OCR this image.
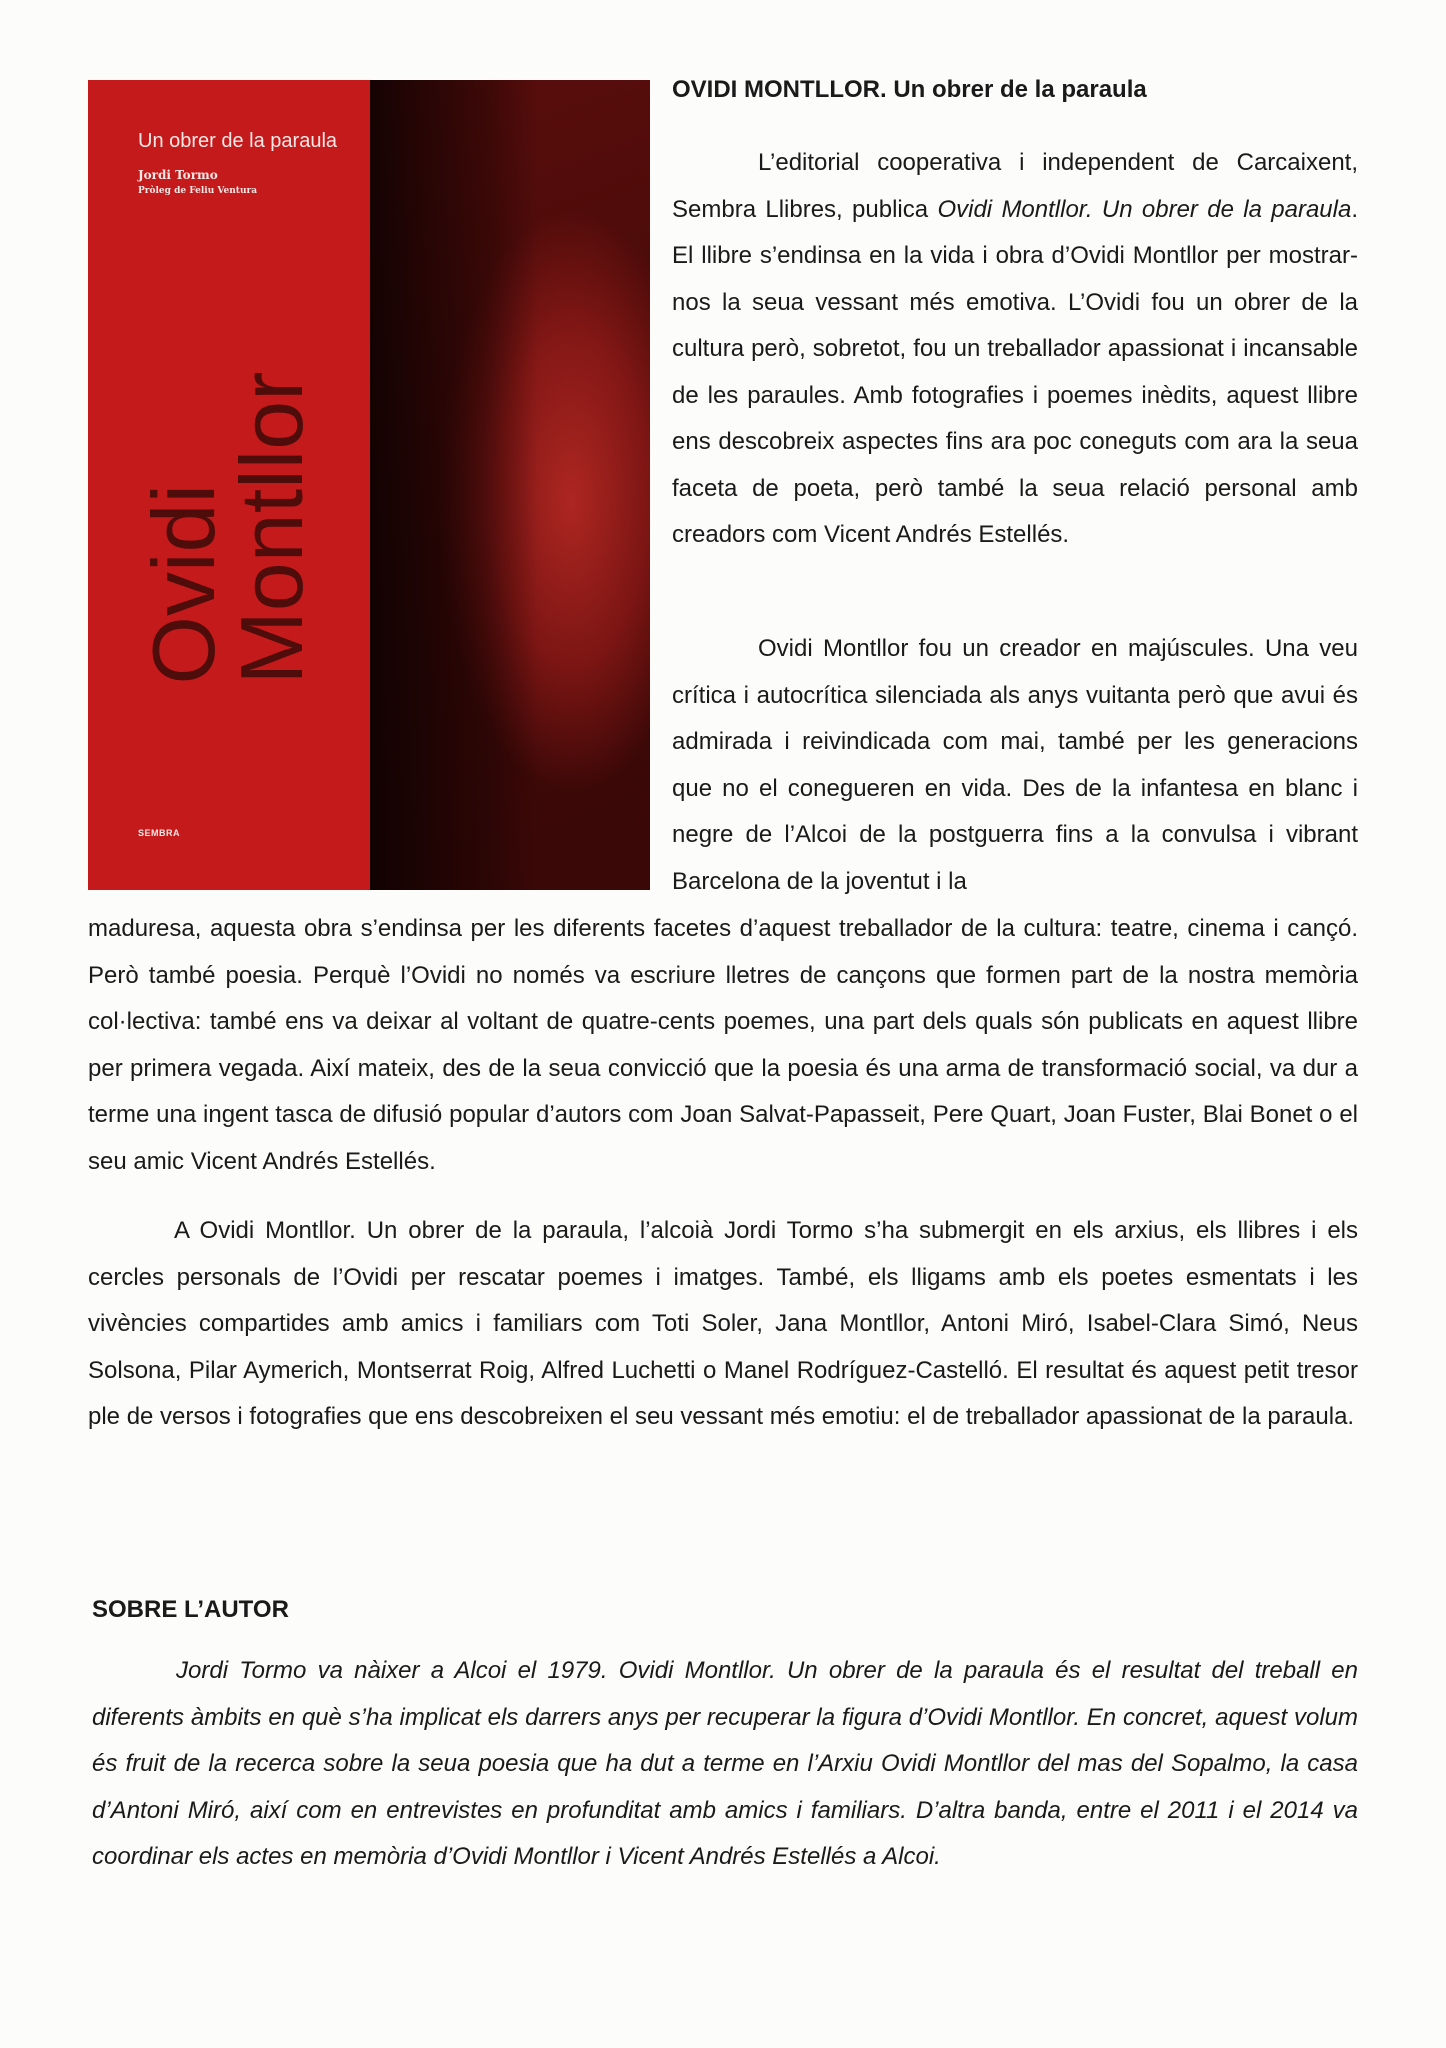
Un obrer de la paraula
Jordi Tormo
Pròleg de Feliu Ventura
Ovidi
Montllor
SEMBRA
OVIDI MONTLLOR. Un obrer de la paraula

L’editorial cooperativa i independent de Carcaixent, Sembra Llibres, publica Ovidi Montllor. Un obrer de la paraula. El llibre s’endinsa en la vida i obra d’Ovidi Montllor per mostrar-nos la seua vessant més emotiva. L’Ovidi fou un obrer de la cultura però, sobretot, fou un treballador apassionat i incansable de les paraules. Amb fotografies i poemes inèdits, aquest llibre ens descobreix aspectes fins ara poc coneguts com ara la seua faceta de poeta, però també la seua relació personal amb creadors com Vicent Andrés Estellés.

Ovidi Montllor fou un creador en majúscules. Una veu crítica i autocrítica silenciada als anys vuitanta però que avui és admirada i reivindicada com mai, també per les generacions que no el conegueren en vida. Des de la infantesa en blanc i negre de l’Alcoi de la postguerra fins a la convulsa i vibrant Barcelona de la joventut i la

maduresa, aquesta obra s’endinsa per les diferents facetes d’aquest treballador de la cultura: teatre, cinema i cançó. Però també poesia. Perquè l’Ovidi no només va escriure lletres de cançons que formen part de la nostra memòria col·lectiva: també ens va deixar al voltant de quatre-cents poemes, una part dels quals són publicats en aquest llibre per primera vegada. Així mateix, des de la seua convicció que la poesia és una arma de transformació social, va dur a terme una ingent tasca de difusió popular d’autors com Joan Salvat-Papasseit, Pere Quart, Joan Fuster, Blai Bonet o el seu amic Vicent Andrés Estellés.

A Ovidi Montllor. Un obrer de la paraula, l’alcoià Jordi Tormo s’ha submergit en els arxius, els llibres i els cercles personals de l’Ovidi per rescatar poemes i imatges. També, els lligams amb els poetes esmentats i les vivències compartides amb amics i familiars com Toti Soler, Jana Montllor, Antoni Miró, Isabel-Clara Simó, Neus Solsona, Pilar Aymerich, Montserrat Roig, Alfred Luchetti o Manel Rodríguez-Castelló. El resultat és aquest petit tresor ple de versos i fotografies que ens descobreixen el seu vessant més emotiu: el de treballador apassionat de la paraula.

SOBRE L’AUTOR

Jordi Tormo va nàixer a Alcoi el 1979. Ovidi Montllor. Un obrer de la paraula és el resultat del treball en diferents àmbits en què s’ha implicat els darrers anys per recuperar la figura d’Ovidi Montllor. En concret, aquest volum és fruit de la recerca sobre la seua poesia que ha dut a terme en l’Arxiu Ovidi Montllor del mas del Sopalmo, la casa d’Antoni Miró, així com en entrevistes en profunditat amb amics i familiars. D’altra banda, entre el 2011 i el 2014 va coordinar els actes en memòria d’Ovidi Montllor i Vicent Andrés Estellés a Alcoi.
